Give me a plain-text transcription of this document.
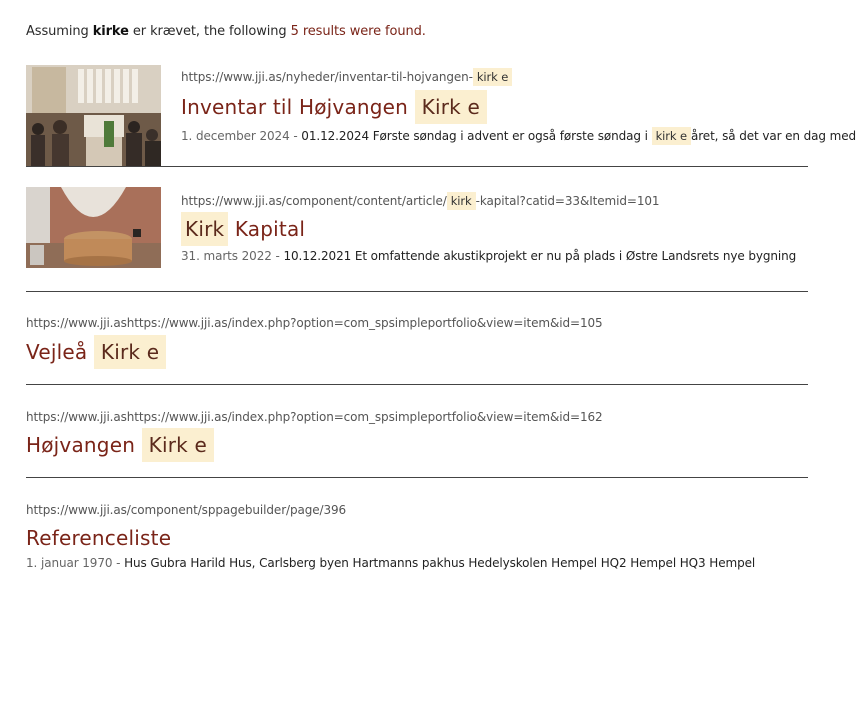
Assuming kirke er krævet, the following 5 results were found.

https://www.jji.as/nyheder/inventar-til-hojvangen- kirk e
Inventar til Højvangen Kirk e
1. december 2024 - 01.12.2024 Første søndag i advent er også første søndag i kirk e året, så det var en dag med
https://www.jji.as/component/content/article/ kirk -kapital?catid=33&Itemid=101
Kirk Kapital
31. marts 2022 - 10.12.2021 Et omfattende akustikprojekt er nu på plads i Østre Landsrets nye bygning
https://www.jji.ashttps://www.jji.as/index.php?option=com_spsimpleportfolio&view=item&id=105
Vejleå Kirk e
https://www.jji.ashttps://www.jji.as/index.php?option=com_spsimpleportfolio&view=item&id=162
Højvangen Kirk e
https://www.jji.as/component/sppagebuilder/page/396
Referenceliste
1. januar 1970 - Hus Gubra Harild Hus, Carlsberg byen Hartmanns pakhus Hedelyskolen Hempel HQ2 Hempel HQ3 Hempel
